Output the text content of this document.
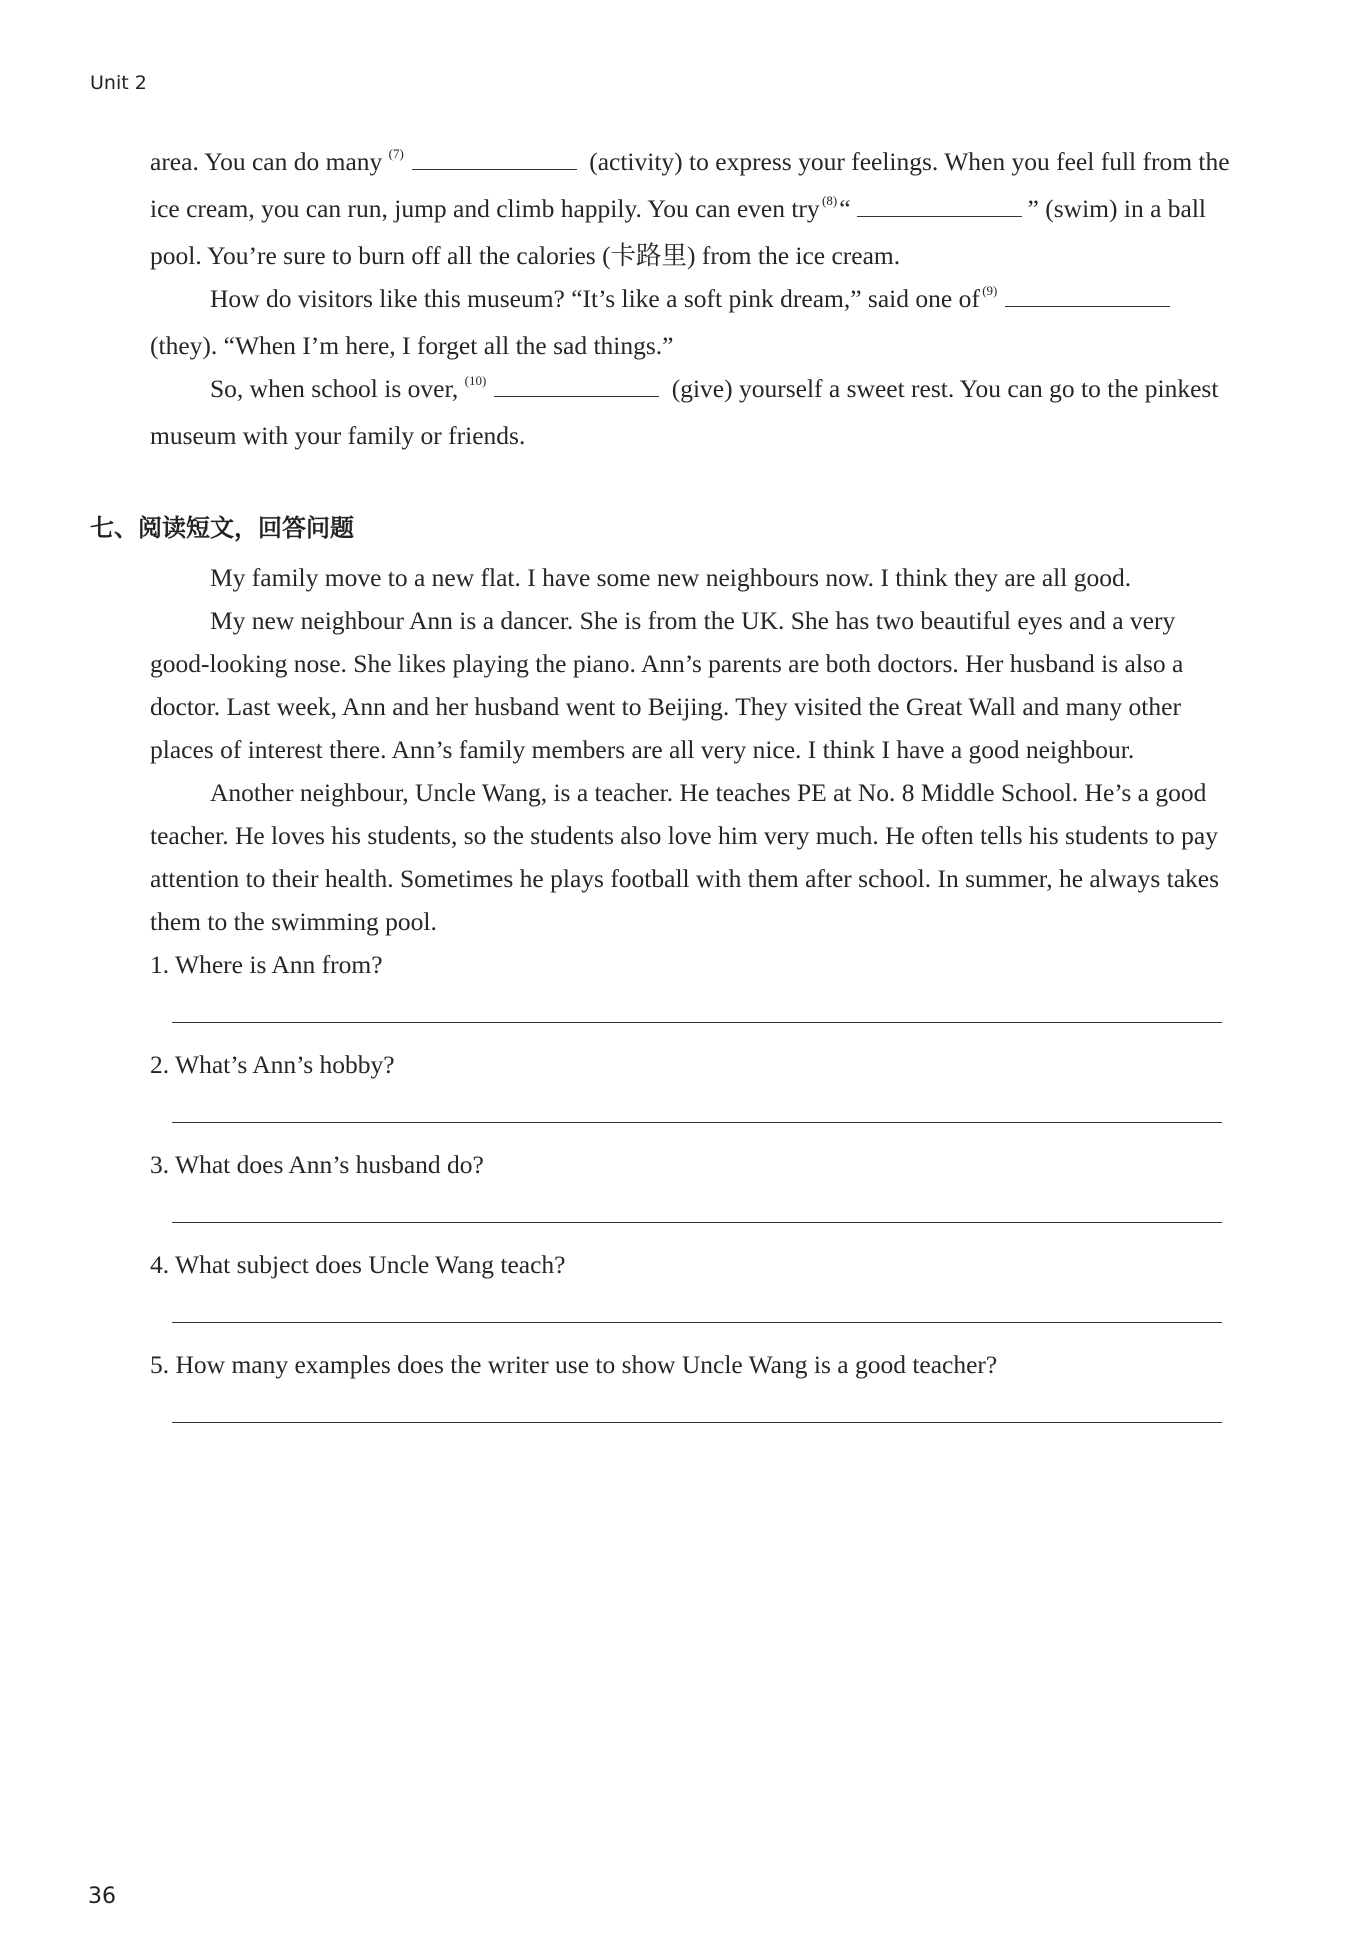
Unit 2

area. You can do many $^{(7)}$	(activity) to express your feelings. When you feel full from the ice cream, you can run, jump and climb happily. You can even try $^{(8)}$“	” (swim) in a ball pool. You’re sure to burn off all the calories (卡路里) from the ice cream.

How do visitors like this museum? “It’s like a soft pink dream,” said one of $^{(9)}$ (they). “When I’m here, I forget all the sad things.”

So, when school is over, $^{(10)}$	(give) yourself a sweet rest. You can go to the pinkest museum with your family or friends.

七、阅读短文，回答问题

My family move to a new flat. I have some new neighbours now. I think they are all good.

My new neighbour Ann is a dancer. She is from the UK. She has two beautiful eyes and a very good-looking nose. She likes playing the piano. Ann’s parents are both doctors. Her husband is also a doctor. Last week, Ann and her husband went to Beijing. They visited the Great Wall and many other places of interest there. Ann’s family members are all very nice. I think I have a good neighbour.

Another neighbour, Uncle Wang, is a teacher. He teaches PE at No. 8 Middle School. He’s a good teacher. He loves his students, so the students also love him very much. He often tells his students to pay attention to their health. Sometimes he plays football with them after school. In summer, he always takes them to the swimming pool.

1. Where is Ann from?

2. What’s Ann’s hobby?

3. What does Ann’s husband do?

4. What subject does Uncle Wang teach?

5. How many examples does the writer use to show Uncle Wang is a good teacher?

36
